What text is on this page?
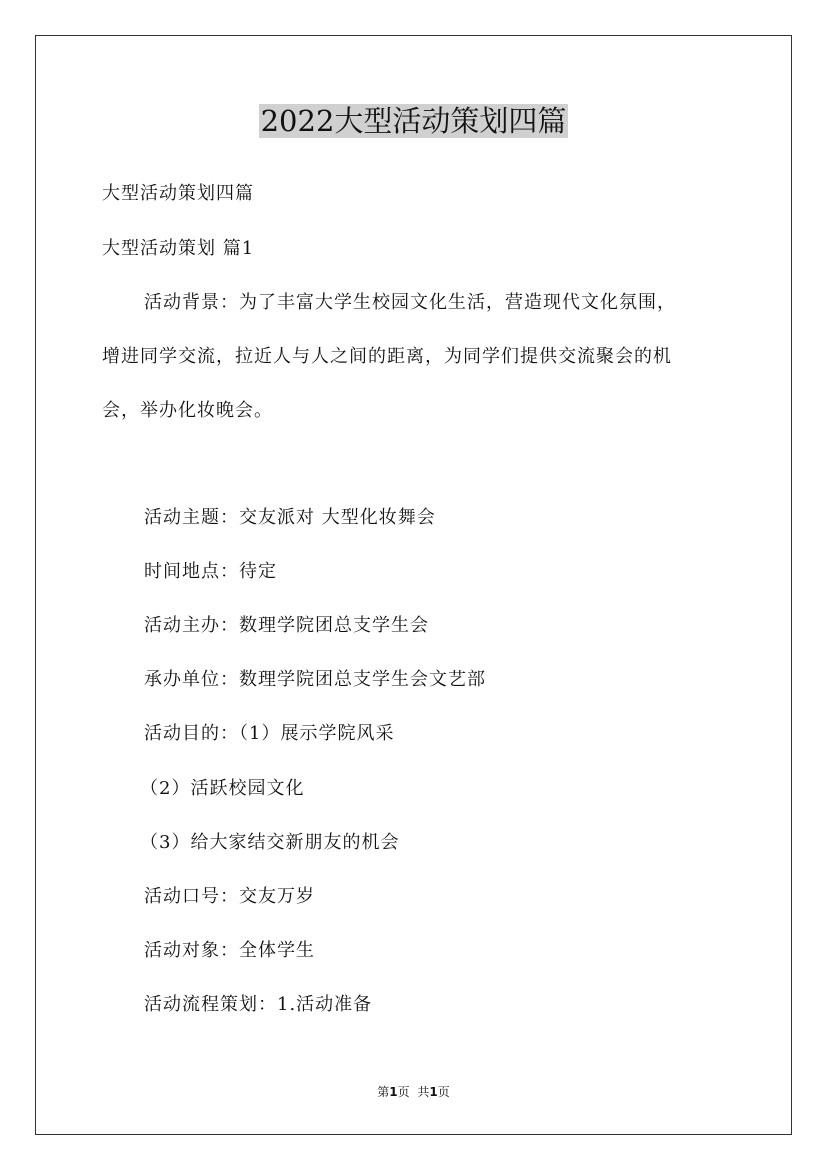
2022大型活动策划四篇
大型活动策划四篇
大型活动策划 篇1
活动背景：为了丰富大学生校园文化生活，营造现代文化氛围，
增进同学交流，拉近人与人之间的距离，为同学们提供交流聚会的机
会，举办化妆晚会。
活动主题：交友派对 大型化妆舞会
时间地点：待定
活动主办：数理学院团总支学生会
承办单位：数理学院团总支学生会文艺部
活动目的：（1）展示学院风采
（2）活跃校园文化
（3）给大家结交新朋友的机会
活动口号：交友万岁
活动对象：全体学生
活动流程策划：1.活动准备
第1页 共1页
